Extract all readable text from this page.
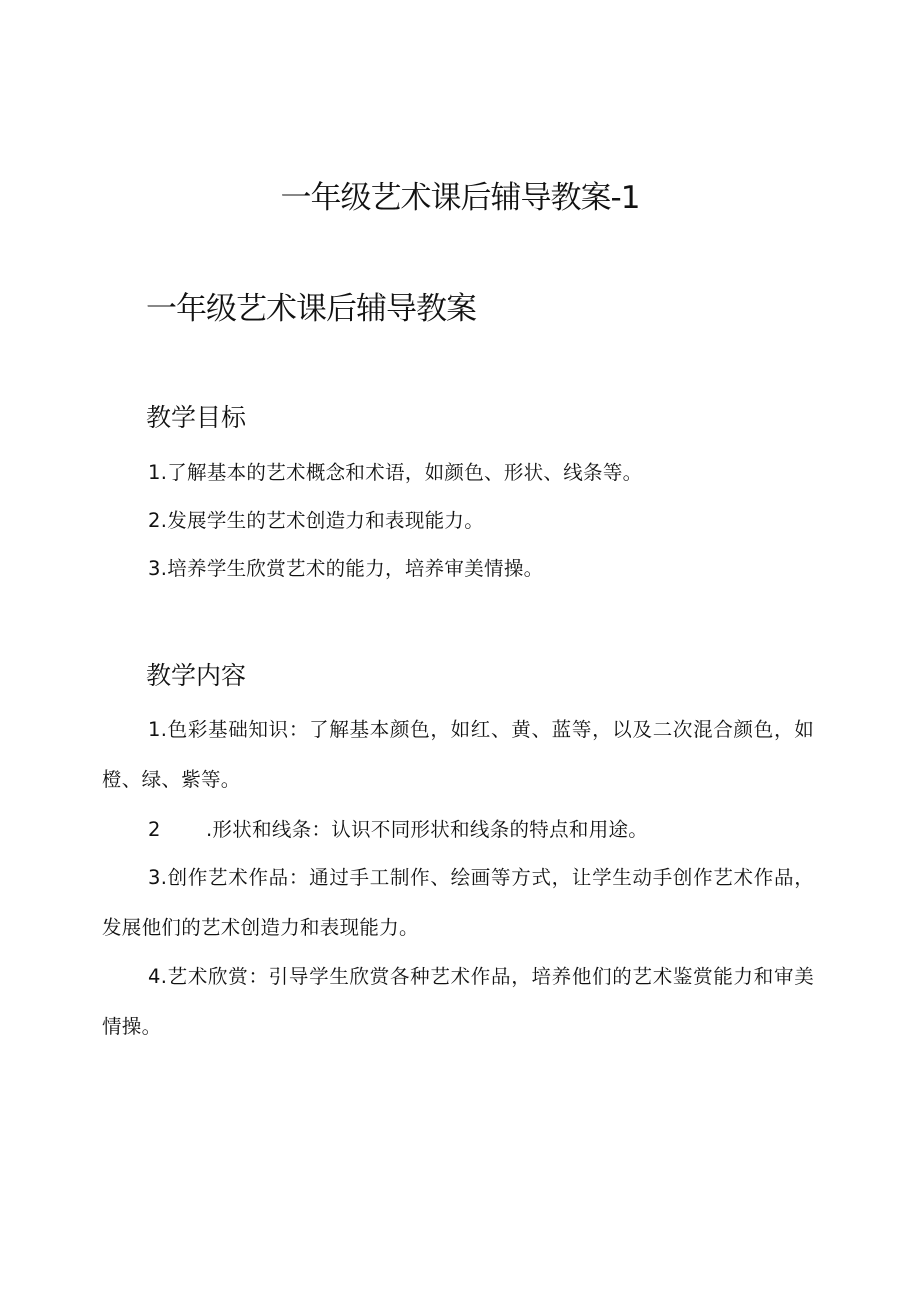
一年级艺术课后辅导教案-1
一年级艺术课后辅导教案
教学目标

1.了解基本的艺术概念和术语，如颜色、形状、线条等。

2.发展学生的艺术创造力和表现能力。

3.培养学生欣赏艺术的能力，培养审美情操。

教学内容

1.色彩基础知识：了解基本颜色，如红、黄、蓝等，以及二次混合颜色，如橙、绿、紫等。

2 .形状和线条：认识不同形状和线条的特点和用途。

3.创作艺术作品：通过手工制作、绘画等方式，让学生动手创作艺术作品，发展他们的艺术创造力和表现能力。

4.艺术欣赏：引导学生欣赏各种艺术作品，培养他们的艺术鉴赏能力和审美情操。
